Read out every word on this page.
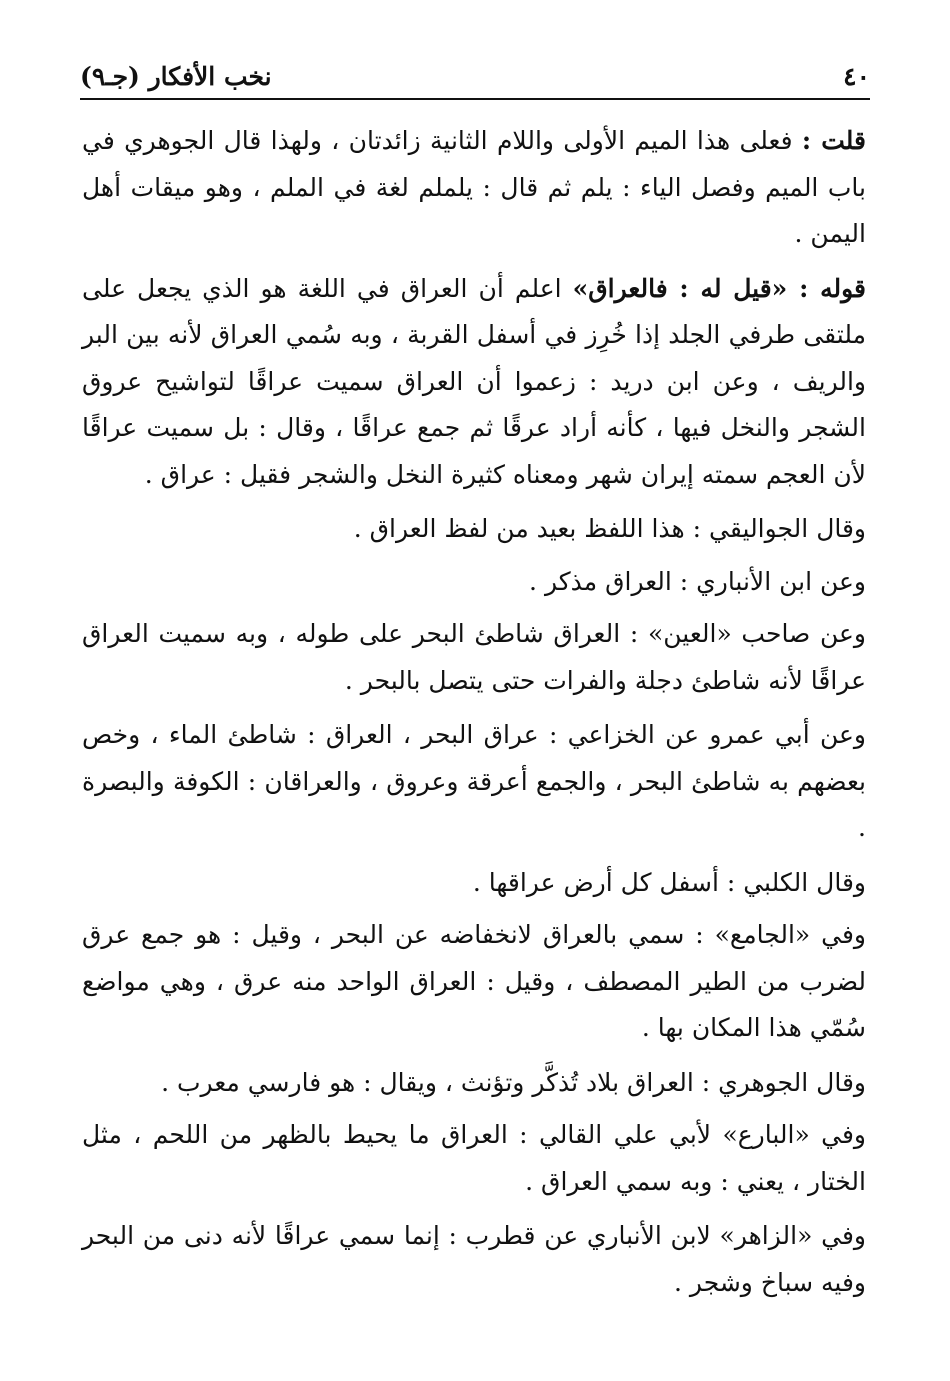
٤٠
نخب الأفكار (جـ٩)

قلت : فعلى هذا الميم الأولى واللام الثانية زائدتان ، ولهذا قال الجوهري في باب الميم وفصل الياء : يلم ثم قال : يلملم لغة في الملم ، وهو ميقات أهل اليمن .

قوله : «قيل له : فالعراق» اعلم أن العراق في اللغة هو الذي يجعل على ملتقى طرفي الجلد إذا خُرِز في أسفل القربة ، وبه سُمي العراق لأنه بين البر والريف ، وعن ابن دريد : زعموا أن العراق سميت عراقًا لتواشيح عروق الشجر والنخل فيها ، كأنه أراد عرقًا ثم جمع عراقًا ، وقال : بل سميت عراقًا لأن العجم سمته إيران شهر ومعناه كثيرة النخل والشجر فقيل : عراق .

وقال الجواليقي : هذا اللفظ بعيد من لفظ العراق .

وعن ابن الأنباري : العراق مذكر .

وعن صاحب «العين» : العراق شاطئ البحر على طوله ، وبه سميت العراق عراقًا لأنه شاطئ دجلة والفرات حتى يتصل بالبحر .

وعن أبي عمرو عن الخزاعي : عراق البحر ، العراق : شاطئ الماء ، وخص بعضهم به شاطئ البحر ، والجمع أعرقة وعروق ، والعراقان : الكوفة والبصرة .

وقال الكلبي : أسفل كل أرض عراقها .

وفي «الجامع» : سمي بالعراق لانخفاضه عن البحر ، وقيل : هو جمع عرق لضرب من الطير المصطف ، وقيل : العراق الواحد منه عرق ، وهي مواضع سُمّي هذا المكان بها .

وقال الجوهري : العراق بلاد تُذكَّر وتؤنث ، ويقال : هو فارسي معرب .

وفي «البارع» لأبي علي القالي : العراق ما يحيط بالظهر من اللحم ، مثل الختار ، يعني : وبه سمي العراق .

وفي «الزاهر» لابن الأنباري عن قطرب : إنما سمي عراقًا لأنه دنى من البحر وفيه سباخ وشجر .
